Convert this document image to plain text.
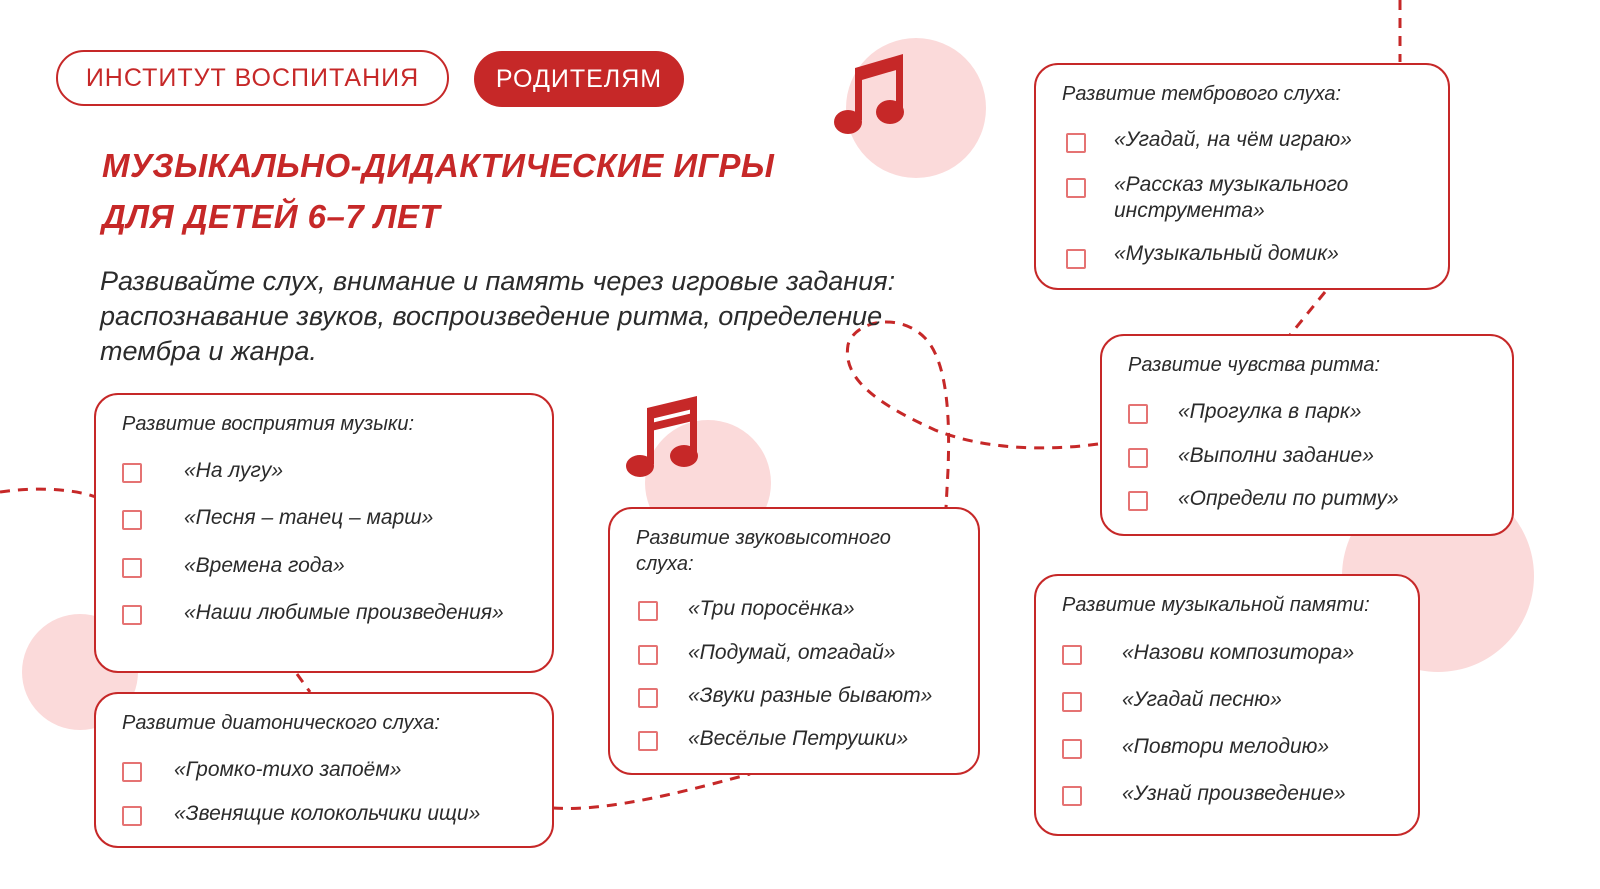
ИНСТИТУТ ВОСПИТАНИЯ	РОДИТЕЛЯМ
МУЗЫКАЛЬНО-ДИДАКТИЧЕСКИЕ ИГРЫ
ДЛЯ ДЕТЕЙ 6–7 ЛЕТ
Развивайте слух, внимание и память через игровые задания: распознавание звуков, воспроизведение ритма, определение тембра и жанра.
Развитие восприятия музыки:
«На лугу»
«Песня – танец – марш»
«Времена года»
«Наши любимые произведения»
Развитие диатонического слуха:
«Громко-тихо запоём»
«Звенящие колокольчики ищи»
Развитие звуковысотного слуха:
«Три поросёнка»
«Подумай, отгадай»
«Звуки разные бывают»
«Весёлые Петрушки»
Развитие тембрового слуха:
«Угадай, на чём играю»
«Рассказ музыкального инструмента»
«Музыкальный домик»
Развитие чувства ритма:
«Прогулка в парк»
«Выполни задание»
«Определи по ритму»
Развитие музыкальной памяти:
«Назови композитора»
«Угадай песню»
«Повтори мелодию»
«Узнай произведение»
